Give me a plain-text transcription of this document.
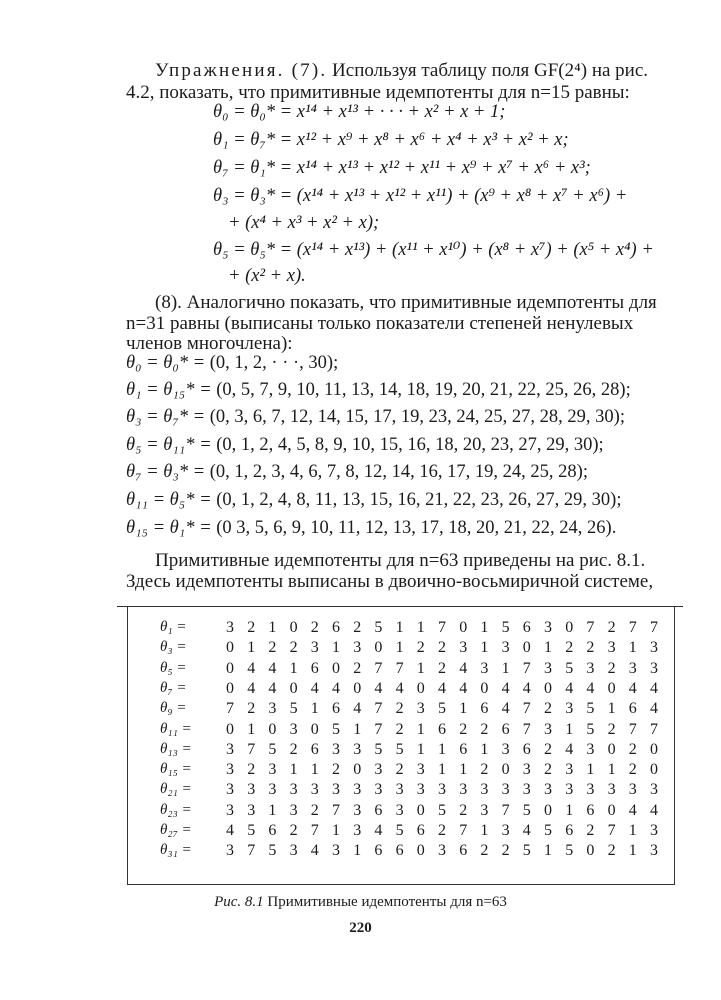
Упражнения. (7). Используя таблицу поля GF(2⁴) на рис.
4.2, показать, что примитивные идемпотенты для n=15 равны:
θ₀ = θ₀* = x¹⁴ + x¹³ + · · · + x² + x + 1;
θ₁ = θ₇* = x¹² + x⁹ + x⁸ + x⁶ + x⁴ + x³ + x² + x;
θ₇ = θ₁* = x¹⁴ + x¹³ + x¹² + x¹¹ + x⁹ + x⁷ + x⁶ + x³;
θ₃ = θ₃* = (x¹⁴ + x¹³ + x¹² + x¹¹) + (x⁹ + x⁸ + x⁷ + x⁶) +
+ (x⁴ + x³ + x² + x);
θ₅ = θ₅* = (x¹⁴ + x¹³) + (x¹¹ + x¹⁰) + (x⁸ + x⁷) + (x⁵ + x⁴) +
+ (x² + x).
(8). Аналогично показать, что примитивные идемпотенты для
n=31 равны (выписаны только показатели степеней ненулевых
членов многочлена):
θ₀ = θ₀* = (0, 1, 2, · · ·, 30);
θ₁ = θ₁₅* = (0, 5, 7, 9, 10, 11, 13, 14, 18, 19, 20, 21, 22, 25, 26, 28);
θ₃ = θ₇* = (0, 3, 6, 7, 12, 14, 15, 17, 19, 23, 24, 25, 27, 28, 29, 30);
θ₅ = θ₁₁* = (0, 1, 2, 4, 5, 8, 9, 10, 15, 16, 18, 20, 23, 27, 29, 30);
θ₇ = θ₃* = (0, 1, 2, 3, 4, 6, 7, 8, 12, 14, 16, 17, 19, 24, 25, 28);
θ₁₁ = θ₅* = (0, 1, 2, 4, 8, 11, 13, 15, 16, 21, 22, 23, 26, 27, 29, 30);
θ₁₅ = θ₁* = (0 3, 5, 6, 9, 10, 11, 12, 13, 17, 18, 20, 21, 22, 24, 26).
Примитивные идемпотенты для n=63 приведены на рис. 8.1.
Здесь идемпотенты выписаны в двоично-восьмиричной системе,
θ₁ =	3 2 1 0 2 6 2 5 1 1 7 0 1 5 6 3 0 7 2 7 7
θ₃ =	0 1 2 2 3 1 3 0 1 2 2 3 1 3 0 1 2 2 3 1 3
θ₅ =	0 4 4 1 6 0 2 7 7 1 2 4 3 1 7 3 5 3 2 3 3
θ₇ =	0 4 4 0 4 4 0 4 4 0 4 4 0 4 4 0 4 4 0 4 4
θ₉ =	7 2 3 5 1 6 4 7 2 3 5 1 6 4 7 2 3 5 1 6 4
θ₁₁ =	0 1 0 3 0 5 1 7 2 1 6 2 2 6 7 3 1 5 2 7 7
θ₁₃ =	3 7 5 2 6 3 3 5 5 1 1 6 1 3 6 2 4 3 0 2 0
θ₁₅ =	3 2 3 1 1 2 0 3 2 3 1 1 2 0 3 2 3 1 1 2 0
θ₂₁ =	3 3 3 3 3 3 3 3 3 3 3 3 3 3 3 3 3 3 3 3 3
θ₂₃ =	3 3 1 3 2 7 3 6 3 0 5 2 3 7 5 0 1 6 0 4 4
θ₂₇ =	4 5 6 2 7 1 3 4 5 6 2 7 1 3 4 5 6 2 7 1 3
θ₃₁ =	3 7 5 3 4 3 1 6 6 0 3 6 2 2 5 1 5 0 2 1 3
Рис. 8.1 Примитивные идемпотенты для n=63
220
